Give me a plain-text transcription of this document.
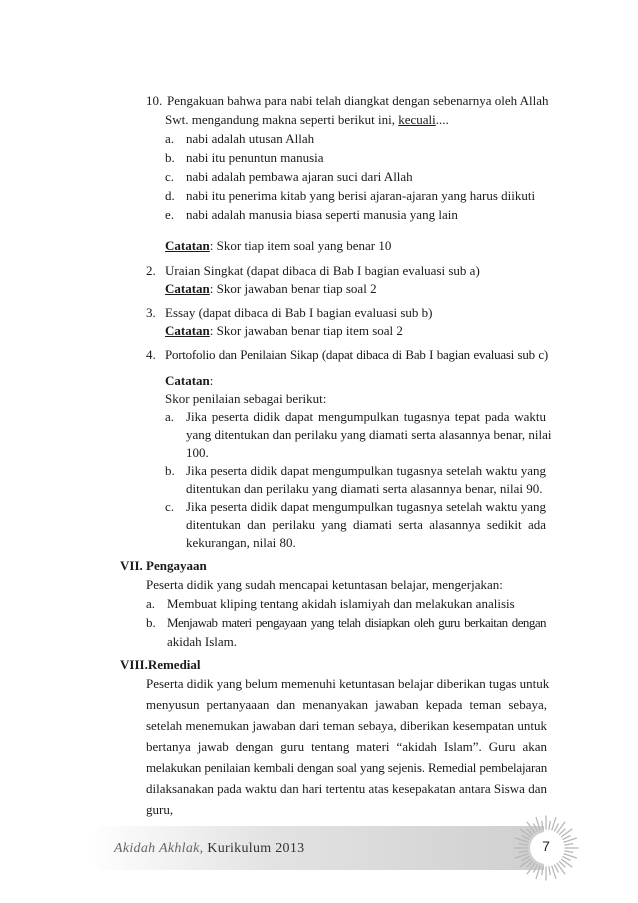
10. Pengakuan bahwa para nabi telah diangkat dengan sebenarnya oleh Allah
Swt. mengandung makna seperti berikut ini, kecuali....
a. nabi adalah utusan Allah
b. nabi itu penuntun manusia
c. nabi adalah pembawa ajaran suci dari Allah
d. nabi itu penerima kitab yang berisi ajaran-ajaran yang harus diikuti
e. nabi adalah manusia biasa seperti manusia yang lain
Catatan: Skor tiap item soal yang benar 10
2. Uraian Singkat (dapat dibaca di Bab I bagian evaluasi sub a)
Catatan: Skor jawaban benar tiap soal 2
3. Essay (dapat dibaca di Bab I bagian evaluasi sub b)
Catatan: Skor jawaban benar tiap item soal 2
4. Portofolio dan Penilaian Sikap (dapat dibaca di Bab I bagian evaluasi sub c)
Catatan:
Skor penilaian sebagai berikut:
a. Jika peserta didik dapat mengumpulkan tugasnya tepat pada waktu
yang ditentukan dan perilaku yang diamati serta alasannya benar, nilai
100.
b. Jika peserta didik dapat mengumpulkan tugasnya setelah waktu yang
ditentukan dan perilaku yang diamati serta alasannya benar, nilai 90.
c. Jika peserta didik dapat mengumpulkan tugasnya setelah waktu yang
ditentukan dan perilaku yang diamati serta alasannya sedikit ada
kekurangan, nilai 80.
VII. Pengayaan
Peserta didik yang sudah mencapai ketuntasan belajar, mengerjakan:
a. Membuat kliping tentang akidah islamiyah dan melakukan analisis
b. Menjawab materi pengayaan yang telah disiapkan oleh guru berkaitan dengan
akidah Islam.
VIII.Remedial
Peserta didik yang belum memenuhi ketuntasan belajar diberikan tugas untuk
menyusun pertanyaaan dan menanyakan jawaban kepada teman sebaya,
setelah menemukan jawaban dari teman sebaya, diberikan kesempatan untuk
bertanya jawab dengan guru tentang materi “akidah Islam”. Guru akan
melakukan penilaian kembali dengan soal yang sejenis. Remedial pembelajaran
dilaksanakan pada waktu dan hari tertentu atas kesepakatan antara Siswa dan
guru,
Akidah Akhlak, Kurikulum 2013	7
